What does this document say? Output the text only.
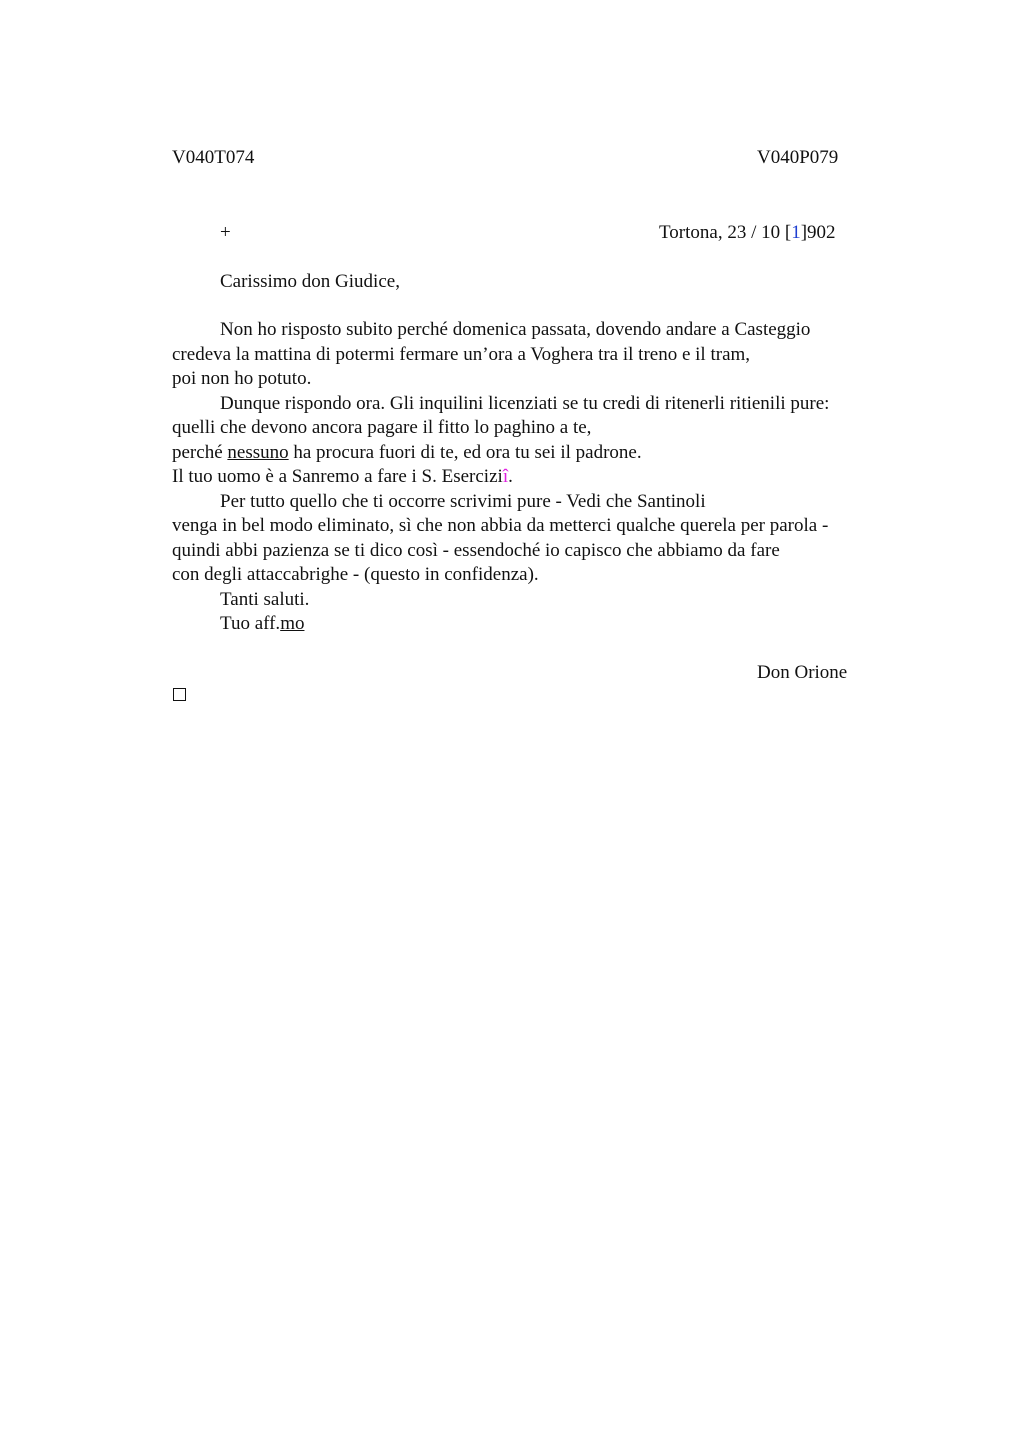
V040T074	V040P079
+	Tortona, 23 / 10 [1]902
Carissimo don Giudice,
Non ho risposto subito perché domenica passata, dovendo andare a Casteggio
credeva la mattina di potermi fermare un’ora a Voghera tra il treno e il tram,
poi non ho potuto.
Dunque rispondo ora. Gli inquilini licenziati se tu credi di ritenerli ritienili pure:
quelli che devono ancora pagare il fitto lo paghino a te,
perché nessuno ha procura fuori di te, ed ora tu sei il padrone.
Il tuo uomo è a Sanremo a fare i S. Eserciziî.
Per tutto quello che ti occorre scrivimi pure - Vedi che Santinoli
venga in bel modo eliminato, sì che non abbia da metterci qualche querela per parola -
quindi abbi pazienza se ti dico così - essendoché io capisco che abbiamo da fare
con degli attaccabrighe - (questo in confidenza).
Tanti saluti.
Tuo aff.mo
Don Orione
